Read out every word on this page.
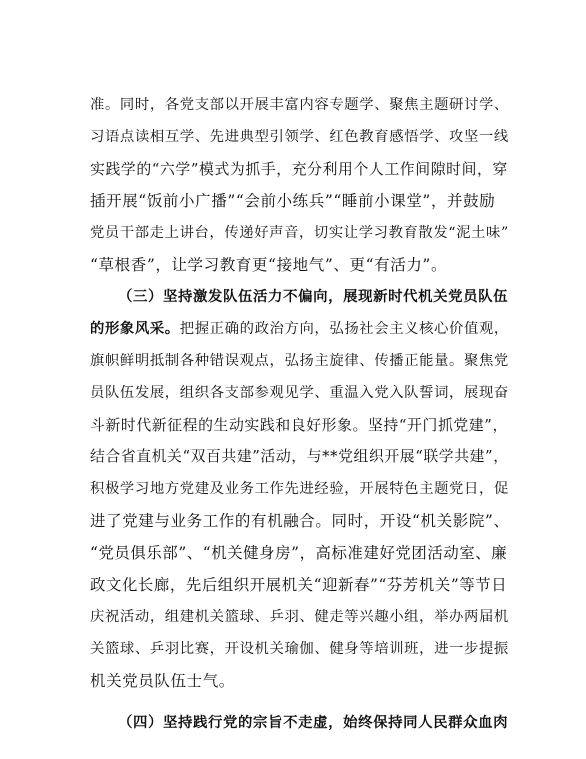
准。同时，各党支部以开展丰富内容专题学、聚焦主题研讨学、
习语点读相互学、先进典型引领学、红色教育感悟学、攻坚一线
实践学的“六学”模式为抓手，充分利用个人工作间隙时间，穿
插开展“饭前小广播”“会前小练兵”“睡前小课堂”，并鼓励
党员干部走上讲台，传递好声音，切实让学习教育散发“泥土味”
“草根香”，让学习教育更“接地气”、更“有活力”。
（三）坚持激发队伍活力不偏向，展现新时代机关党员队伍
的形象风采。把握正确的政治方向，弘扬社会主义核心价值观，
旗帜鲜明抵制各种错误观点，弘扬主旋律、传播正能量。聚焦党
员队伍发展，组织各支部参观见学、重温入党入队誓词，展现奋
斗新时代新征程的生动实践和良好形象。坚持“开门抓党建”，
结合省直机关“双百共建”活动，与**党组织开展“联学共建”，
积极学习地方党建及业务工作先进经验，开展特色主题党日，促
进了党建与业务工作的有机融合。同时，开设“机关影院”、
“党员俱乐部”、“机关健身房”，高标准建好党团活动室、廉
政文化长廊，先后组织开展机关“迎新春”“芬芳机关”等节日
庆祝活动，组建机关篮球、乒羽、健走等兴趣小组，举办两届机
关篮球、乒羽比赛，开设机关瑜伽、健身等培训班，进一步提振
机关党员队伍士气。
（四）坚持践行党的宗旨不走虚，始终保持同人民群众血肉
